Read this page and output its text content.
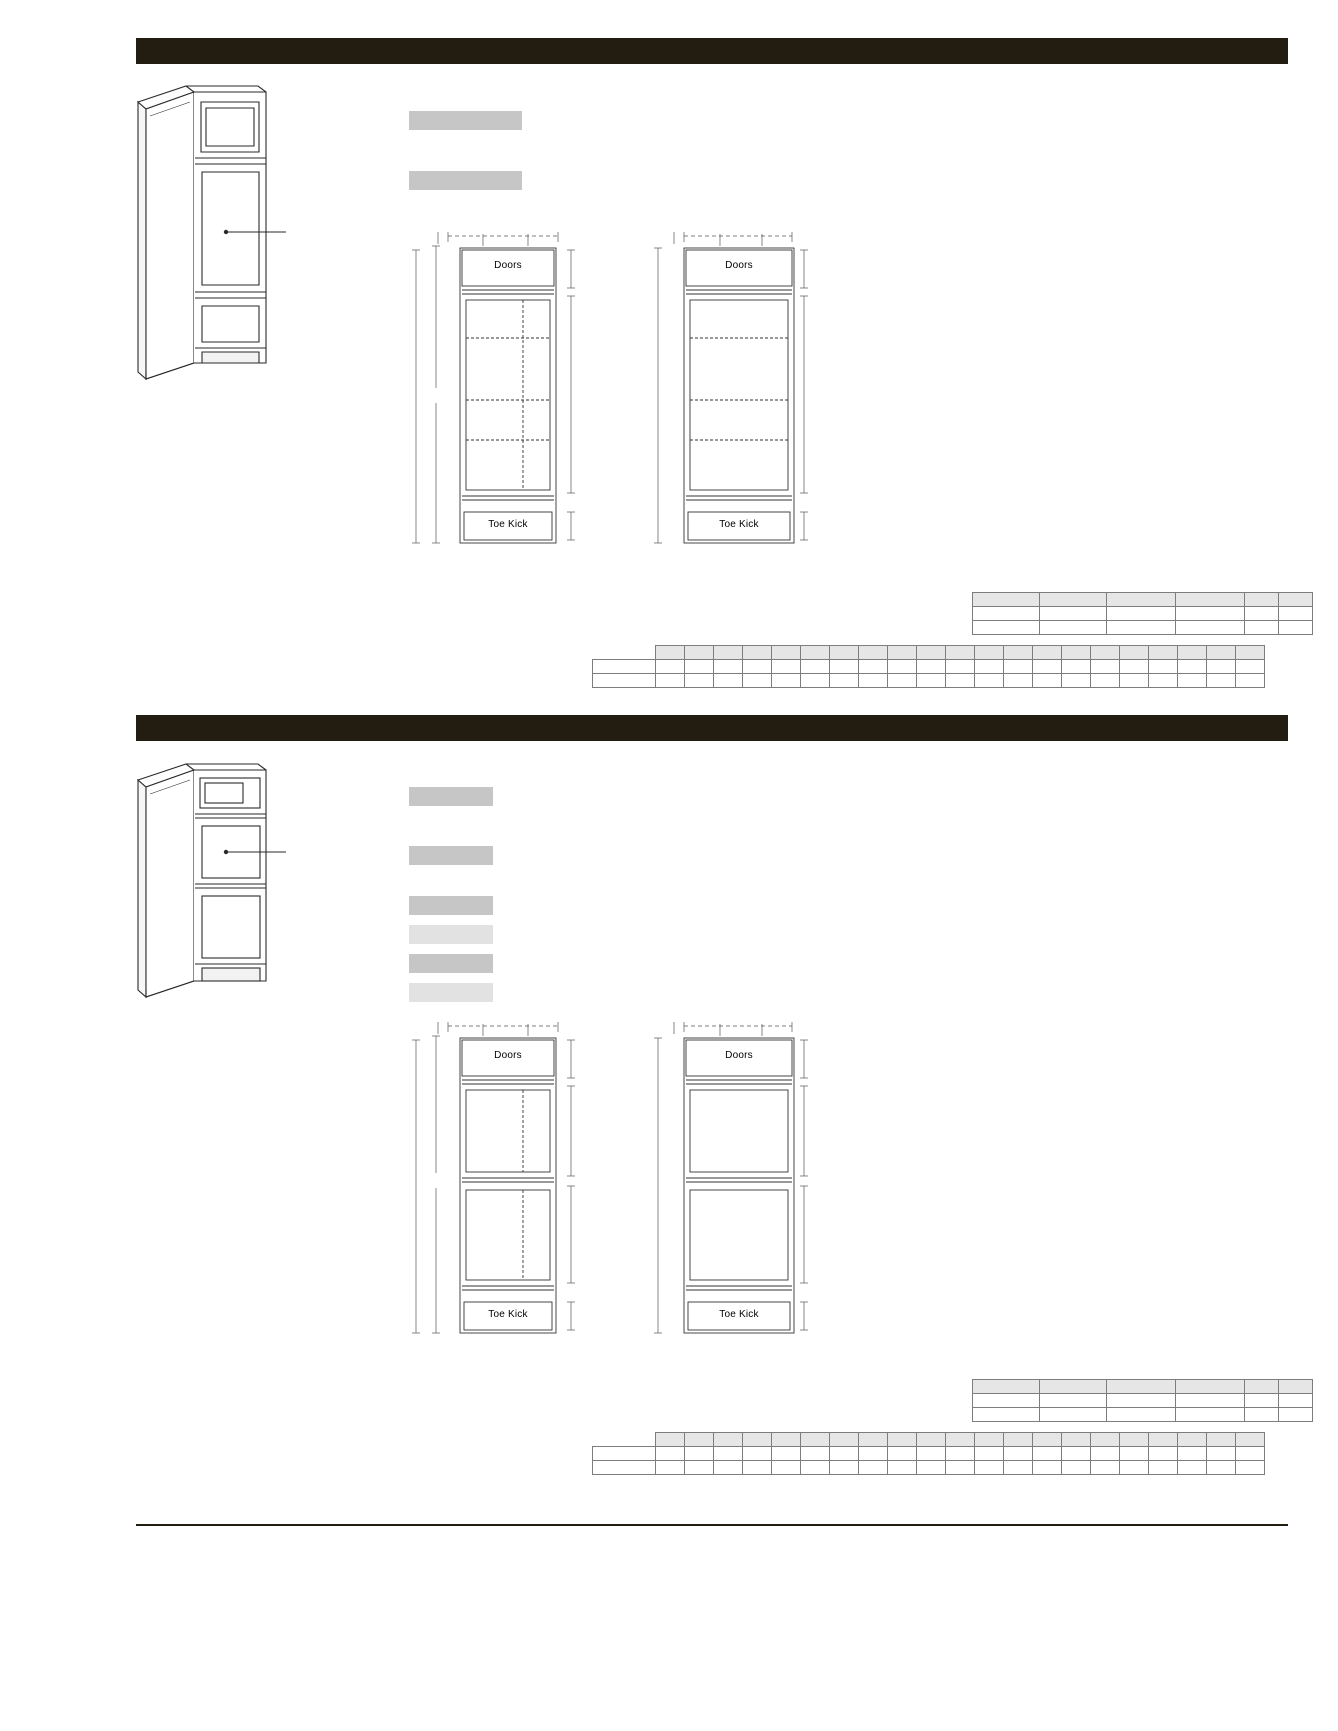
Doors
Toe Kick
Doors
Toe Kick

Doors
Toe Kick
Doors
Toe Kick
